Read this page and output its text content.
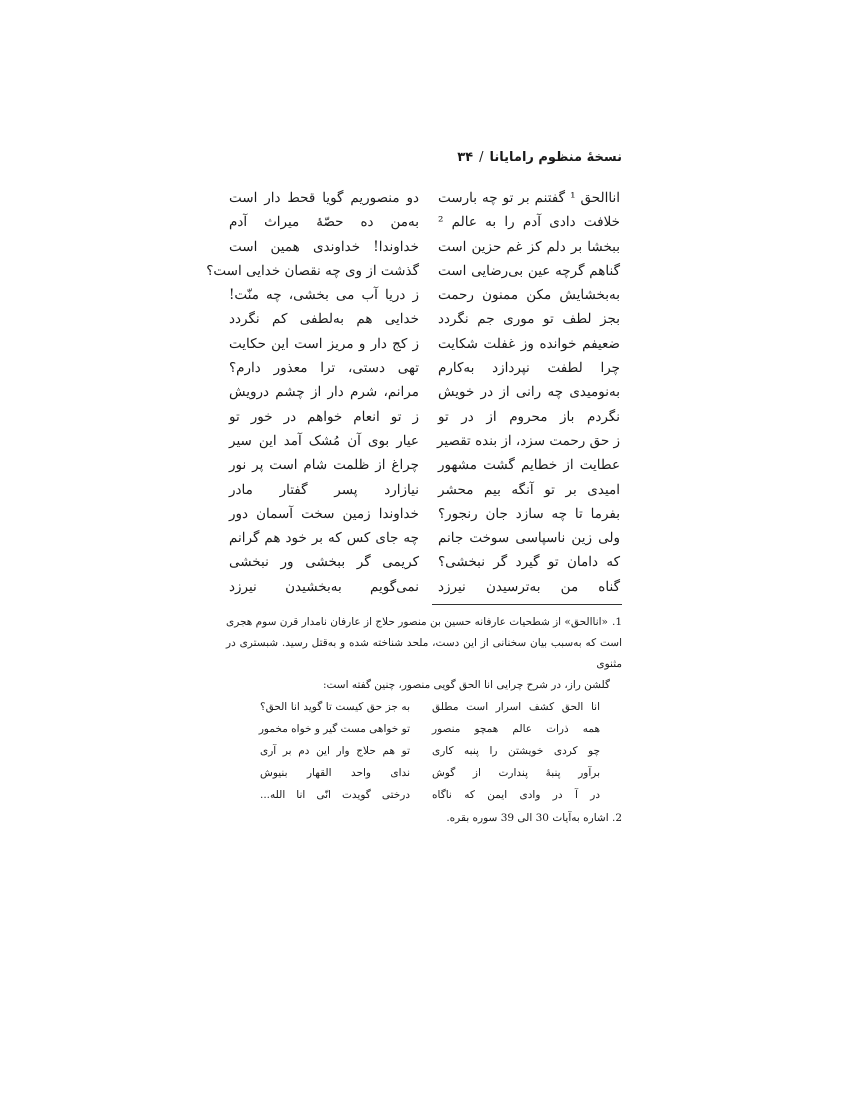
نسخهٔ منظوم رامایانا/۳۴
اناالحق ¹ گفتنم بر تو چه بارست
خلافت دادی آدم را به عالم ²
ببخشا بر دلم کز غم حزین است
گناهم گرچه عین بی‌رضایی است
به‌بخشایش مکن ممنون رحمت
بجز لطف تو موری جم نگردد
ضعیفم خوانده وز غفلت شکایت
چرا لطفت نپردازد به‌کارم
به‌نومیدی چه رانی از در خویش
نگردم باز محروم از در تو
ز حق رحمت سزد، از بنده تقصیر
عطایت از خطایم گشت مشهور
امیدی بر تو آنگه بیم محشر
بفرما تا چه سازد جان رنجور؟
ولی زین ناسپاسی سوخت جانم
که دامان تو گیرد گر نبخشی؟
گناه من به‌ترسیدن نیرزد
دو منصوریم گویا قحط دار است
به‌من ده حصّهٔ میراث آدم
خداوندا! خداوندی همین است
گذشت از وی چه نقصان خدایی است؟
ز دریا آب می بخشی، چه منّت!
خدایی هم به‌لطفی کم نگردد
ز کج دار و مریز است این حکایت
تهی دستی، ترا معذور دارم؟
مرانم، شرم دار از چشم درویش
ز تو انعام خواهم در خور تو
عیار بوی آن مُشک آمد این سیر
چراغ از ظلمت شام است پر نور
نیازارد پسر گفتار مادر
خداوندا زمین سخت آسمان دور
چه جای کس که بر خود هم گرانم
کریمی گر ببخشی ور نبخشی
نمی‌گویم به‌بخشیدن نیرزد
1.«اناالحق» از شطحیات عارفانه حسین بن منصور حلاج از عارفان نامدار قرن سوم هجری است که به‌سبب بیان سخنانی از این دست، ملحد شناخته شده و به‌قتل رسید. شبستری در مثنوی
گلشن راز، در شرح چرایی انا الحق گویی منصور، چنین گفته است:
انا الحق کشف اسرار است مطلق
به جز حق کیست تا گوید انا الحق؟
همه ذرات عالم همچو منصور
تو خواهی مست گیر و خواه مخمور
چو کردی خویشتن را پنبه کاری
تو هم حلاج وار این دم بر آری
برآور پنبهٔ پندارت از گوش
ندای واحد القهار بنیوش
در آ در وادی ایمن که ناگاه
درختی گویدت انّی انا الله...
2. اشاره به‌آیات 30 الی 39 سوره بقره.
